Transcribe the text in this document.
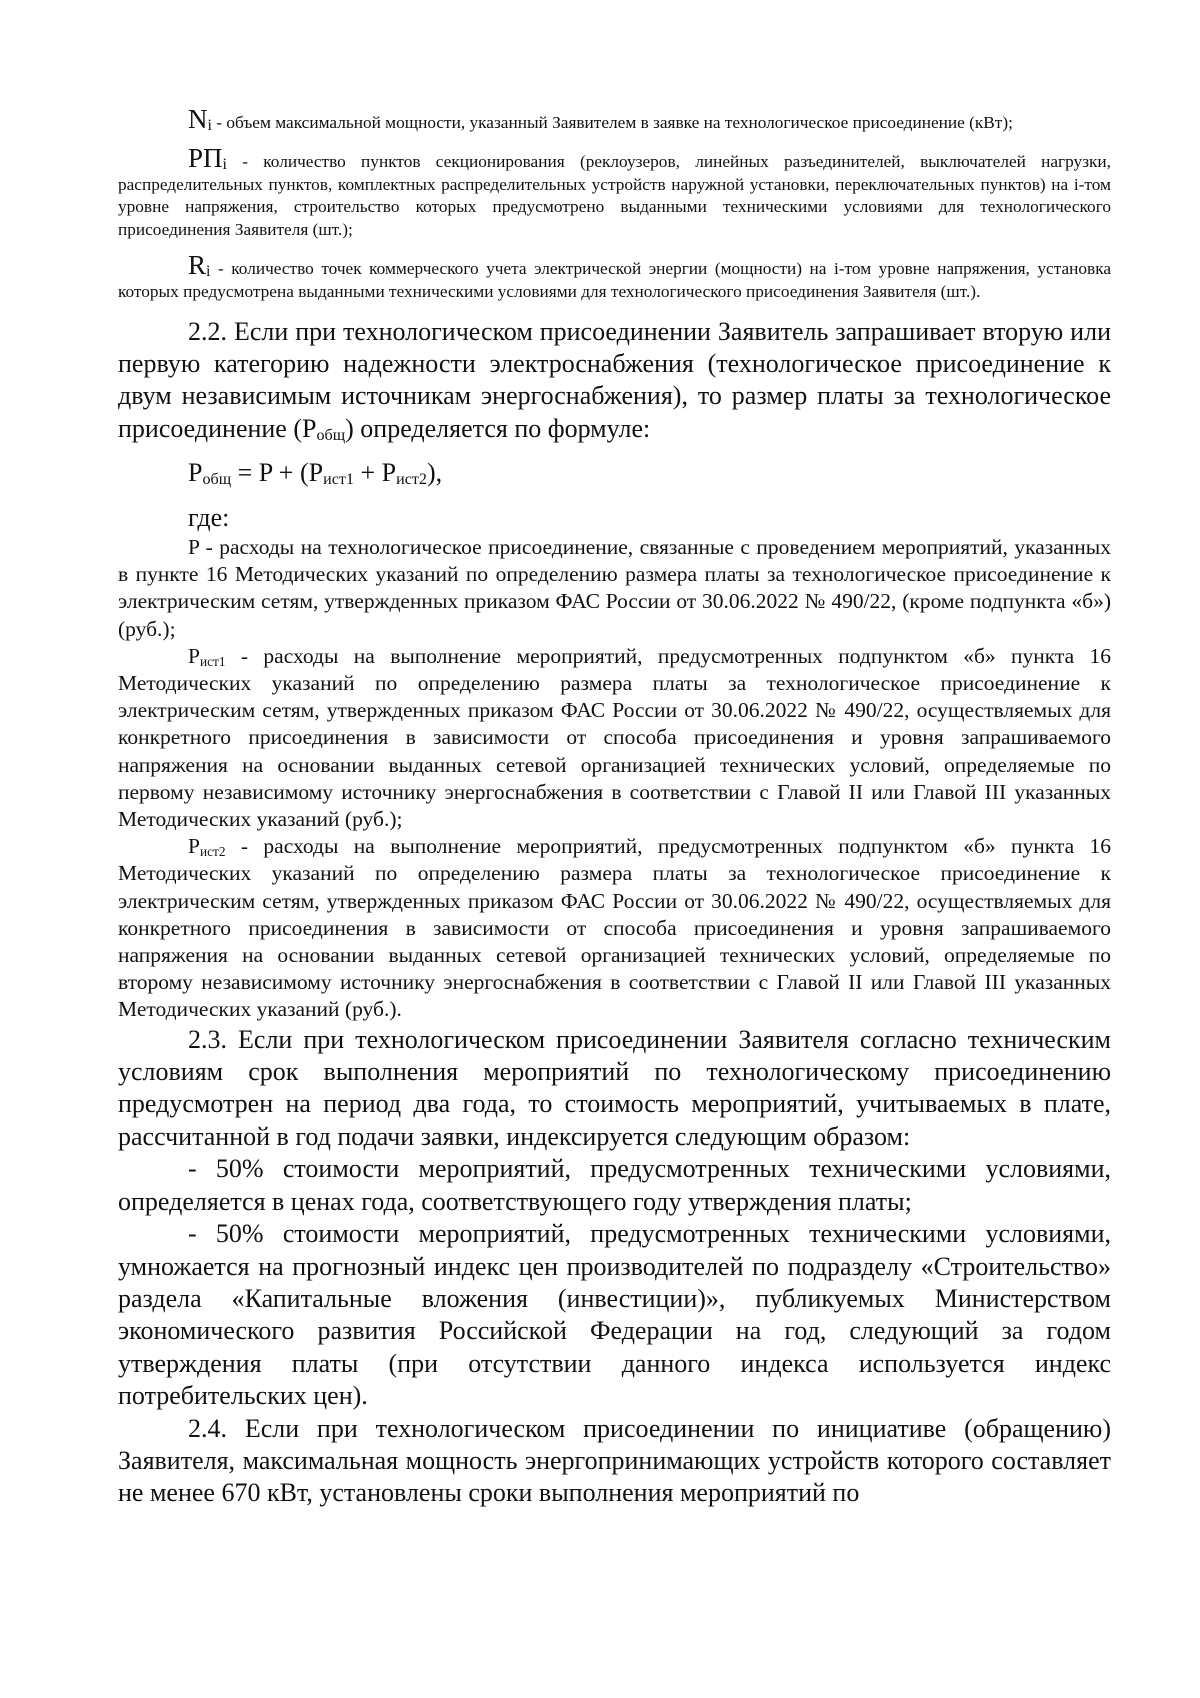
$N_i$ - объем максимальной мощности, указанный Заявителем в заявке на технологическое присоединение (кВт);

$РП_i$ - количество пунктов секционирования (реклоузеров, линейных разъединителей, выключателей нагрузки, распределительных пунктов, комплектных распределительных устройств наружной установки, переключательных пунктов) на i-том уровне напряжения, строительство которых предусмотрено выданными техническими условиями для технологического присоединения Заявителя (шт.);

$R_i$ - количество точек коммерческого учета электрической энергии (мощности) на i-том уровне напряжения, установка которых предусмотрена выданными техническими условиями для технологического присоединения Заявителя (шт.).

2.2. Если при технологическом присоединении Заявитель запрашивает вторую или первую категорию надежности электроснабжения (технологическое присоединение к двум независимым источникам энергоснабжения), то размер платы за технологическое присоединение $(P_{общ})$ определяется по формуле:

$P_{общ} = P + (P_{ист1} + P_{ист2})$,

где:

P - расходы на технологическое присоединение, связанные с проведением мероприятий, указанных в пункте 16 Методических указаний по определению размера платы за технологическое присоединение к электрическим сетям, утвержденных приказом ФАС России от 30.06.2022 № 490/22, (кроме подпункта «б») (руб.);

$P_{ист1}$ - расходы на выполнение мероприятий, предусмотренных подпунктом «б» пункта 16 Методических указаний по определению размера платы за технологическое присоединение к электрическим сетям, утвержденных приказом ФАС России от 30.06.2022 № 490/22, осуществляемых для конкретного присоединения в зависимости от способа присоединения и уровня запрашиваемого напряжения на основании выданных сетевой организацией технических условий, определяемые по первому независимому источнику энергоснабжения в соответствии с Главой II или Главой III указанных Методических указаний (руб.);

$P_{ист2}$ - расходы на выполнение мероприятий, предусмотренных подпунктом «б» пункта 16 Методических указаний по определению размера платы за технологическое присоединение к электрическим сетям, утвержденных приказом ФАС России от 30.06.2022 № 490/22, осуществляемых для конкретного присоединения в зависимости от способа присоединения и уровня запрашиваемого напряжения на основании выданных сетевой организацией технических условий, определяемые по второму независимому источнику энергоснабжения в соответствии с Главой II или Главой III указанных Методических указаний (руб.).

2.3. Если при технологическом присоединении Заявителя согласно техническим условиям срок выполнения мероприятий по технологическому присоединению предусмотрен на период два года, то стоимость мероприятий, учитываемых в плате, рассчитанной в год подачи заявки, индексируется следующим образом:

- 50% стоимости мероприятий, предусмотренных техническими условиями, определяется в ценах года, соответствующего году утверждения платы;

- 50% стоимости мероприятий, предусмотренных техническими условиями, умножается на прогнозный индекс цен производителей по подразделу «Строительство» раздела «Капитальные вложения (инвестиции)», публикуемых Министерством экономического развития Российской Федерации на год, следующий за годом утверждения платы (при отсутствии данного индекса используется индекс потребительских цен).

2.4. Если при технологическом присоединении по инициативе (обращению) Заявителя, максимальная мощность энергопринимающих устройств которого составляет не менее 670 кВт, установлены сроки выполнения мероприятий по
